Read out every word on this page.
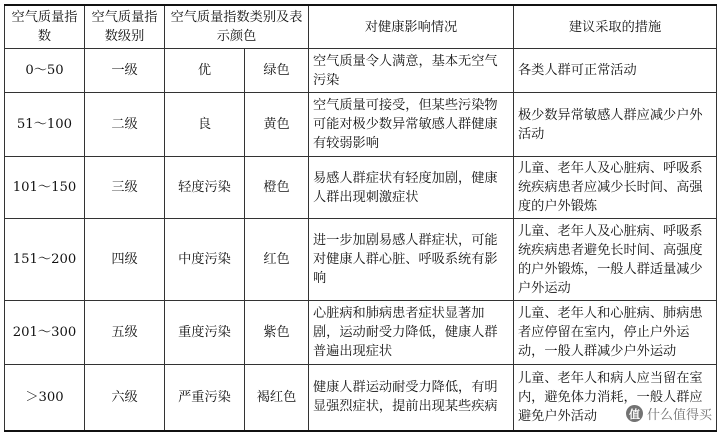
空气质量指数	空气质量指数级别	空气质量指数类别及表示颜色		对健康影响情况	建议采取的措施
0～50	一级	优	绿色	空气质量令人满意，基本无空气污染	各类人群可正常活动
51～100	二级	良	黄色	空气质量可接受，但某些污染物可能对极少数异常敏感人群健康有较弱影响	极少数异常敏感人群应减少户外活动
101～150	三级	轻度污染	橙色	易感人群症状有轻度加剧，健康人群出现刺激症状	儿童、老年人及心脏病、呼吸系统疾病患者应减少长时间、高强度的户外锻炼
151～200	四级	中度污染	红色	进一步加剧易感人群症状，可能对健康人群心脏、呼吸系统有影响	儿童、老年人及心脏病、呼吸系统疾病患者避免长时间、高强度的户外锻炼，一般人群适量减少户外运动
201～300	五级	重度污染	紫色	心脏病和肺病患者症状显著加剧，运动耐受力降低，健康人群普遍出现症状	儿童、老年人和心脏病、肺病患者应停留在室内，停止户外运动，一般人群减少户外运动
＞300	六级	严重污染	褐红色	健康人群运动耐受力降低，有明显强烈症状，提前出现某些疾病	儿童、老年人和病人应当留在室内，避免体力消耗，一般人群应避免户外活动	值 什么值得买
